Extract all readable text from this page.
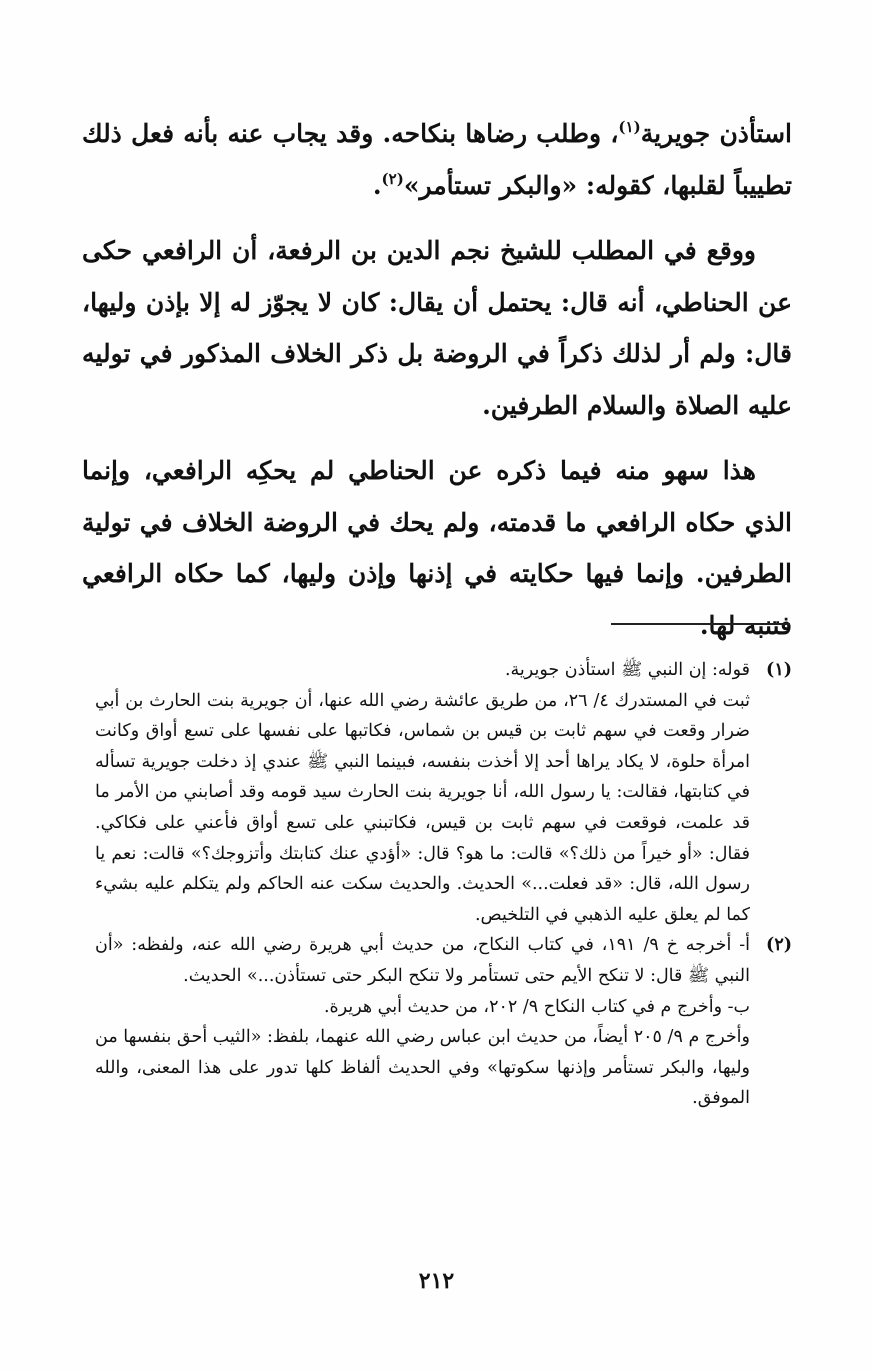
استأذن جويرية$^{(١)}$، وطلب رضاها بنكاحه. وقد يجاب عنه بأنه فعل ذلك تطييباً لقلبها، كقوله: «والبكر تستأمر»$^{(٢)}$.

ووقع في المطلب للشيخ نجم الدين بن الرفعة، أن الرافعي حكى عن الحناطي، أنه قال: يحتمل أن يقال: كان لا يجوّز له إلا بإذن وليها، قال: ولم أر لذلك ذكراً في الروضة بل ذكر الخلاف المذكور في توليه عليه الصلاة والسلام الطرفين.

هذا سهو منه فيما ذكره عن الحناطي لم يحكِه الرافعي، وإنما الذي حكاه الرافعي ما قدمته، ولم يحك في الروضة الخلاف في تولية الطرفين. وإنما فيها حكايته في إذنها وإذن وليها، كما حكاه الرافعي فتنبه لها.

(١)

قوله: إن النبي ﷺ استأذن جويرية.

ثبت في المستدرك ٤/ ٢٦، من طريق عائشة رضي الله عنها، أن جويرية بنت الحارث بن أبي ضرار وقعت في سهم ثابت بن قيس بن شماس، فكاتبها على نفسها على تسع أواق وكانت امرأة حلوة، لا يكاد يراها أحد إلا أخذت بنفسه، فبينما النبي ﷺ عندي إذ دخلت جويرية تسأله في كتابتها، فقالت: يا رسول الله، أنا جويرية بنت الحارث سيد قومه وقد أصابني من الأمر ما قد علمت، فوقعت في سهم ثابت بن قيس، فكاتبني على تسع أواق فأعني على فكاكي. فقال: «أو خيراً من ذلك؟» قالت: ما هو؟ قال: «أؤدي عنك كتابتك وأتزوجك؟» قالت: نعم يا رسول الله، قال: «قد فعلت...» الحديث. والحديث سكت عنه الحاكم ولم يتكلم عليه بشيء كما لم يعلق عليه الذهبي في التلخيص.

(٢)

أ- أخرجه خ ٩/ ١٩١، في كتاب النكاح، من حديث أبي هريرة رضي الله عنه، ولفظه: «أن النبي ﷺ قال: لا تنكح الأيم حتى تستأمر ولا تنكح البكر حتى تستأذن...» الحديث.

ب- وأخرج م في كتاب النكاح ٩/ ٢٠٢، من حديث أبي هريرة.

وأخرج م ٩/ ٢٠٥ أيضاً، من حديث ابن عباس رضي الله عنهما، بلفظ: «الثيب أحق بنفسها من وليها، والبكر تستأمر وإذنها سكوتها» وفي الحديث ألفاظ كلها تدور على هذا المعنى، والله الموفق.

٢١٢
